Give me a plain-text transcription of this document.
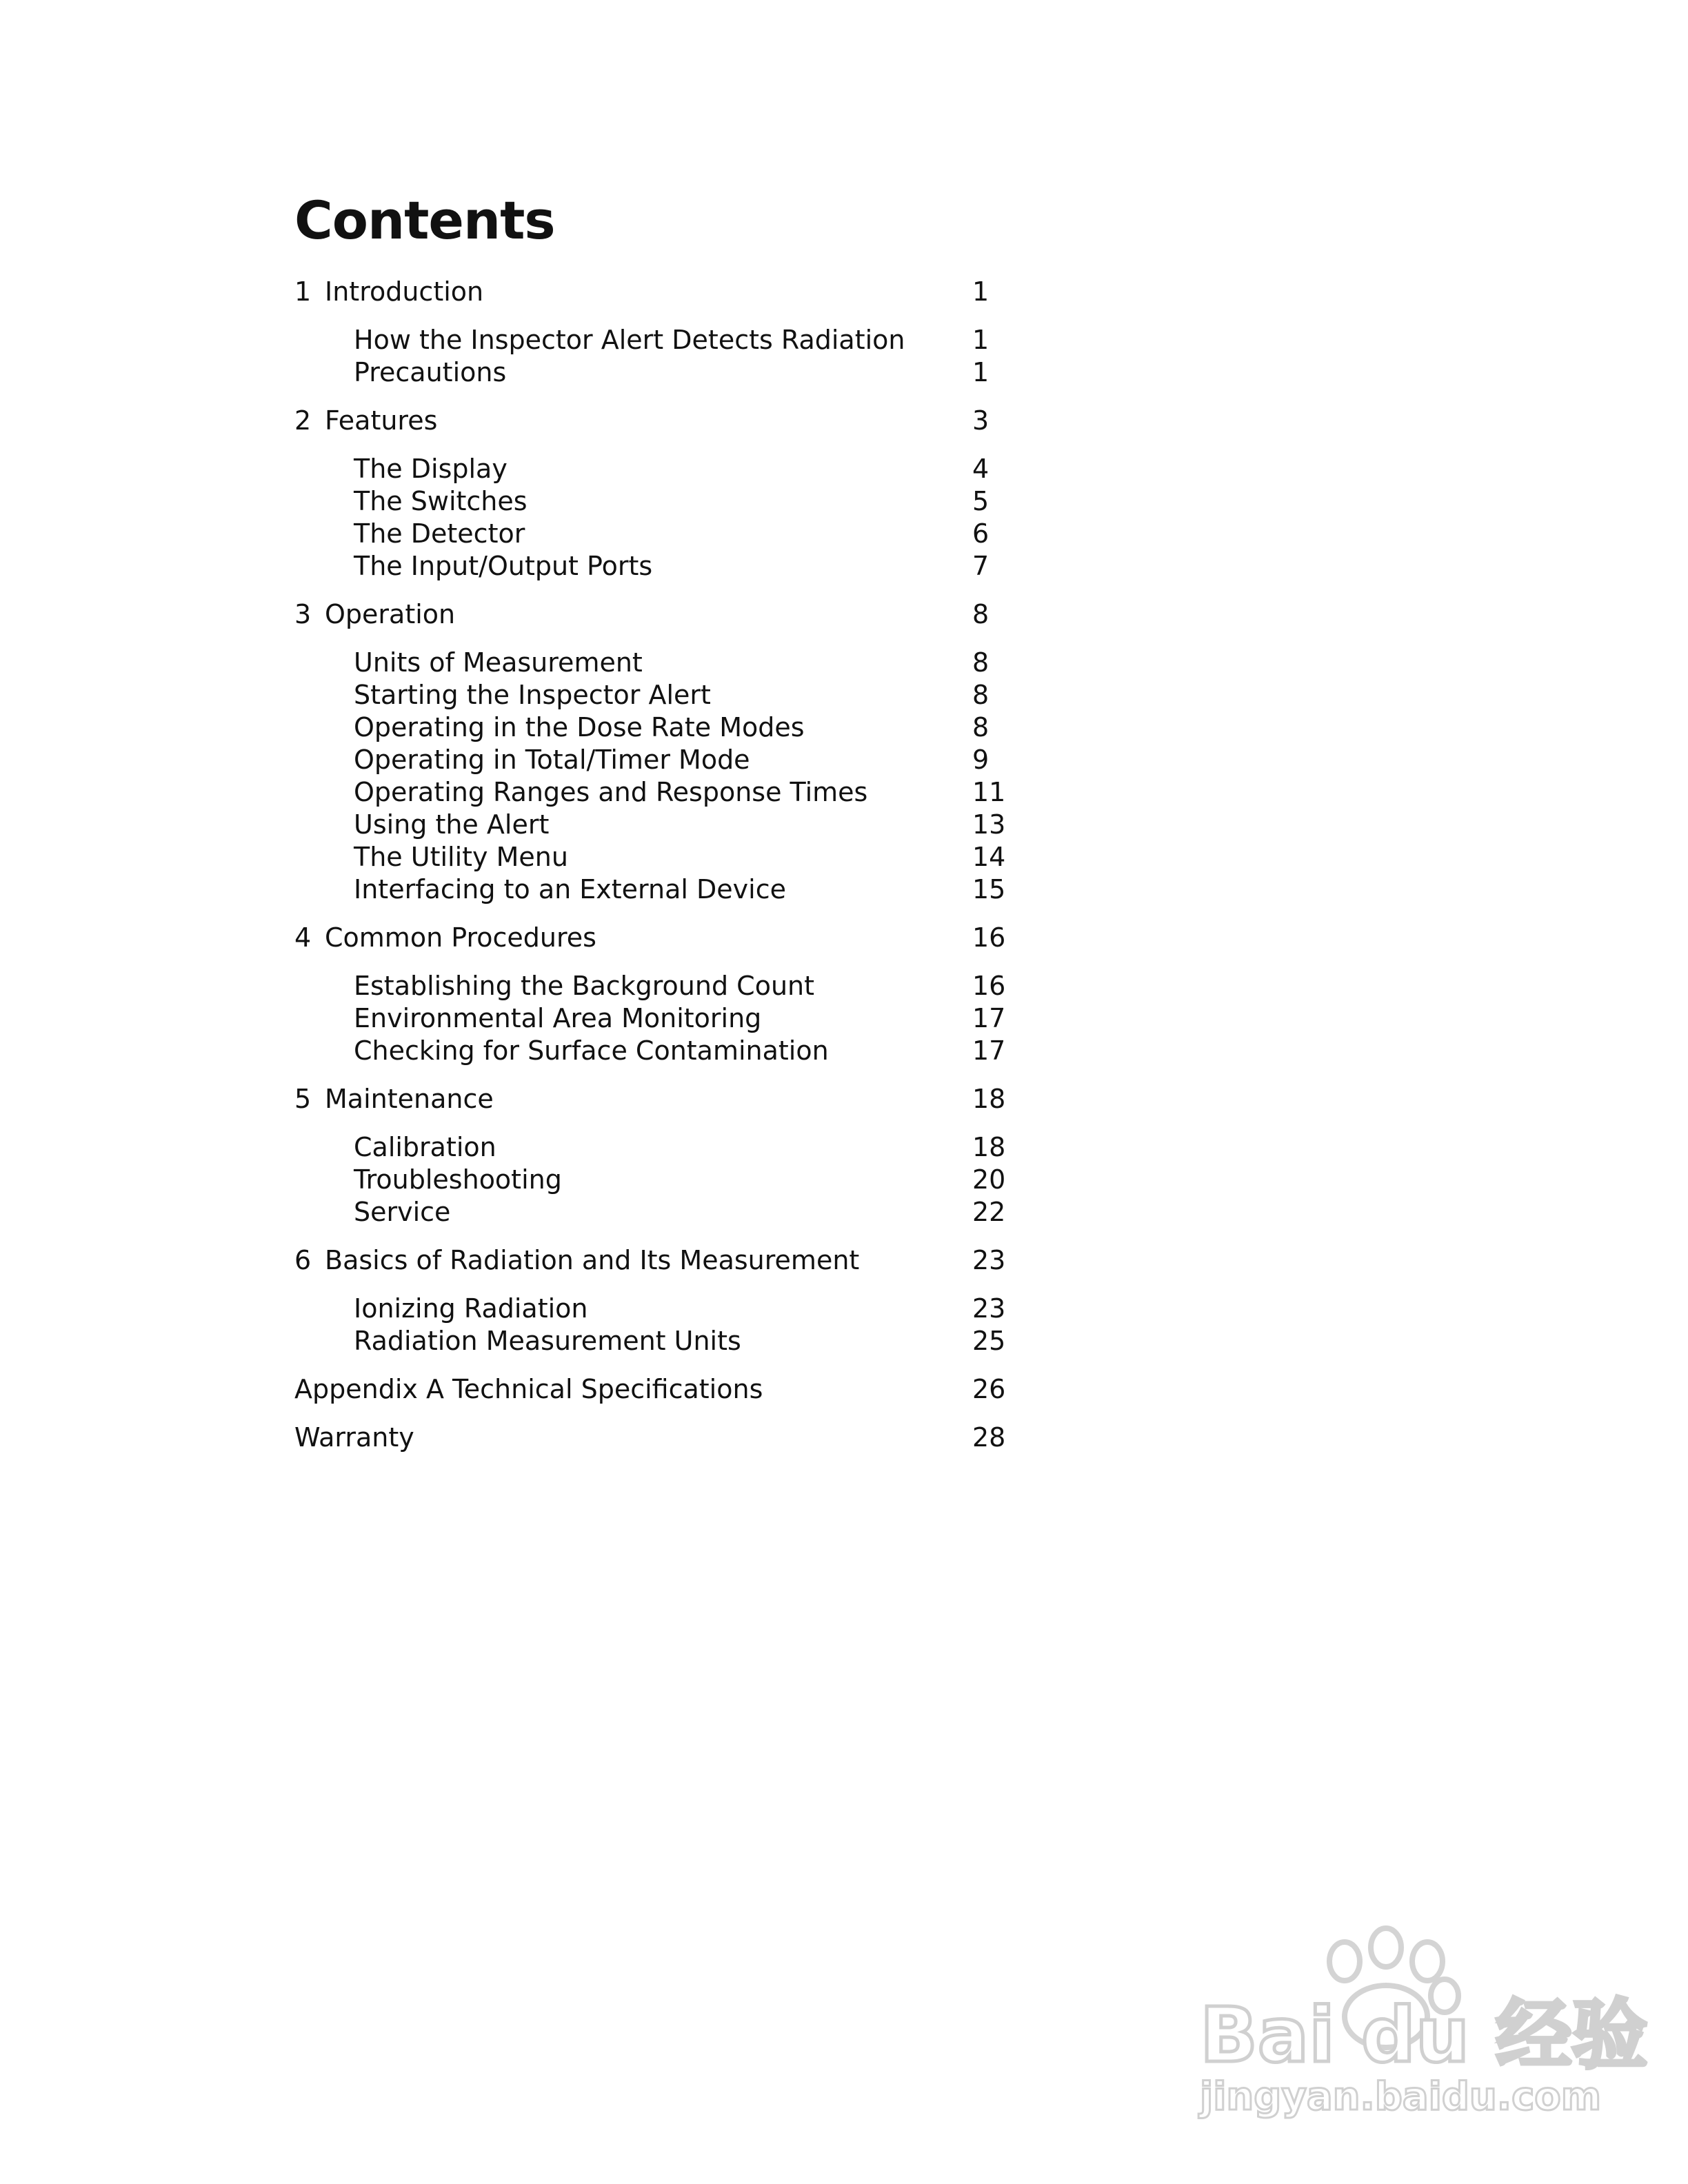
Contents
1 Introduction	1
How the Inspector Alert Detects Radiation	1
Precautions	1
2 Features	3
The Display	4
The Switches	5
The Detector	6
The Input/Output Ports	7
3 Operation	8
Units of Measurement	8
Starting the Inspector Alert	8
Operating in the Dose Rate Modes	8
Operating in Total/Timer Mode	9
Operating Ranges and Response Times	11
Using the Alert	13
The Utility Menu	14
Interfacing to an External Device	15
4 Common Procedures	16
Establishing the Background Count	16
Environmental Area Monitoring	17
Checking for Surface Contamination	17
5 Maintenance	18
Calibration	18
Troubleshooting	20
Service	22
6 Basics of Radiation and Its Measurement	23
Ionizing Radiation	23
Radiation Measurement Units	25
Appendix A Technical Specifications	26
Warranty	28
Bai du 经验
jingyan.baidu.com
